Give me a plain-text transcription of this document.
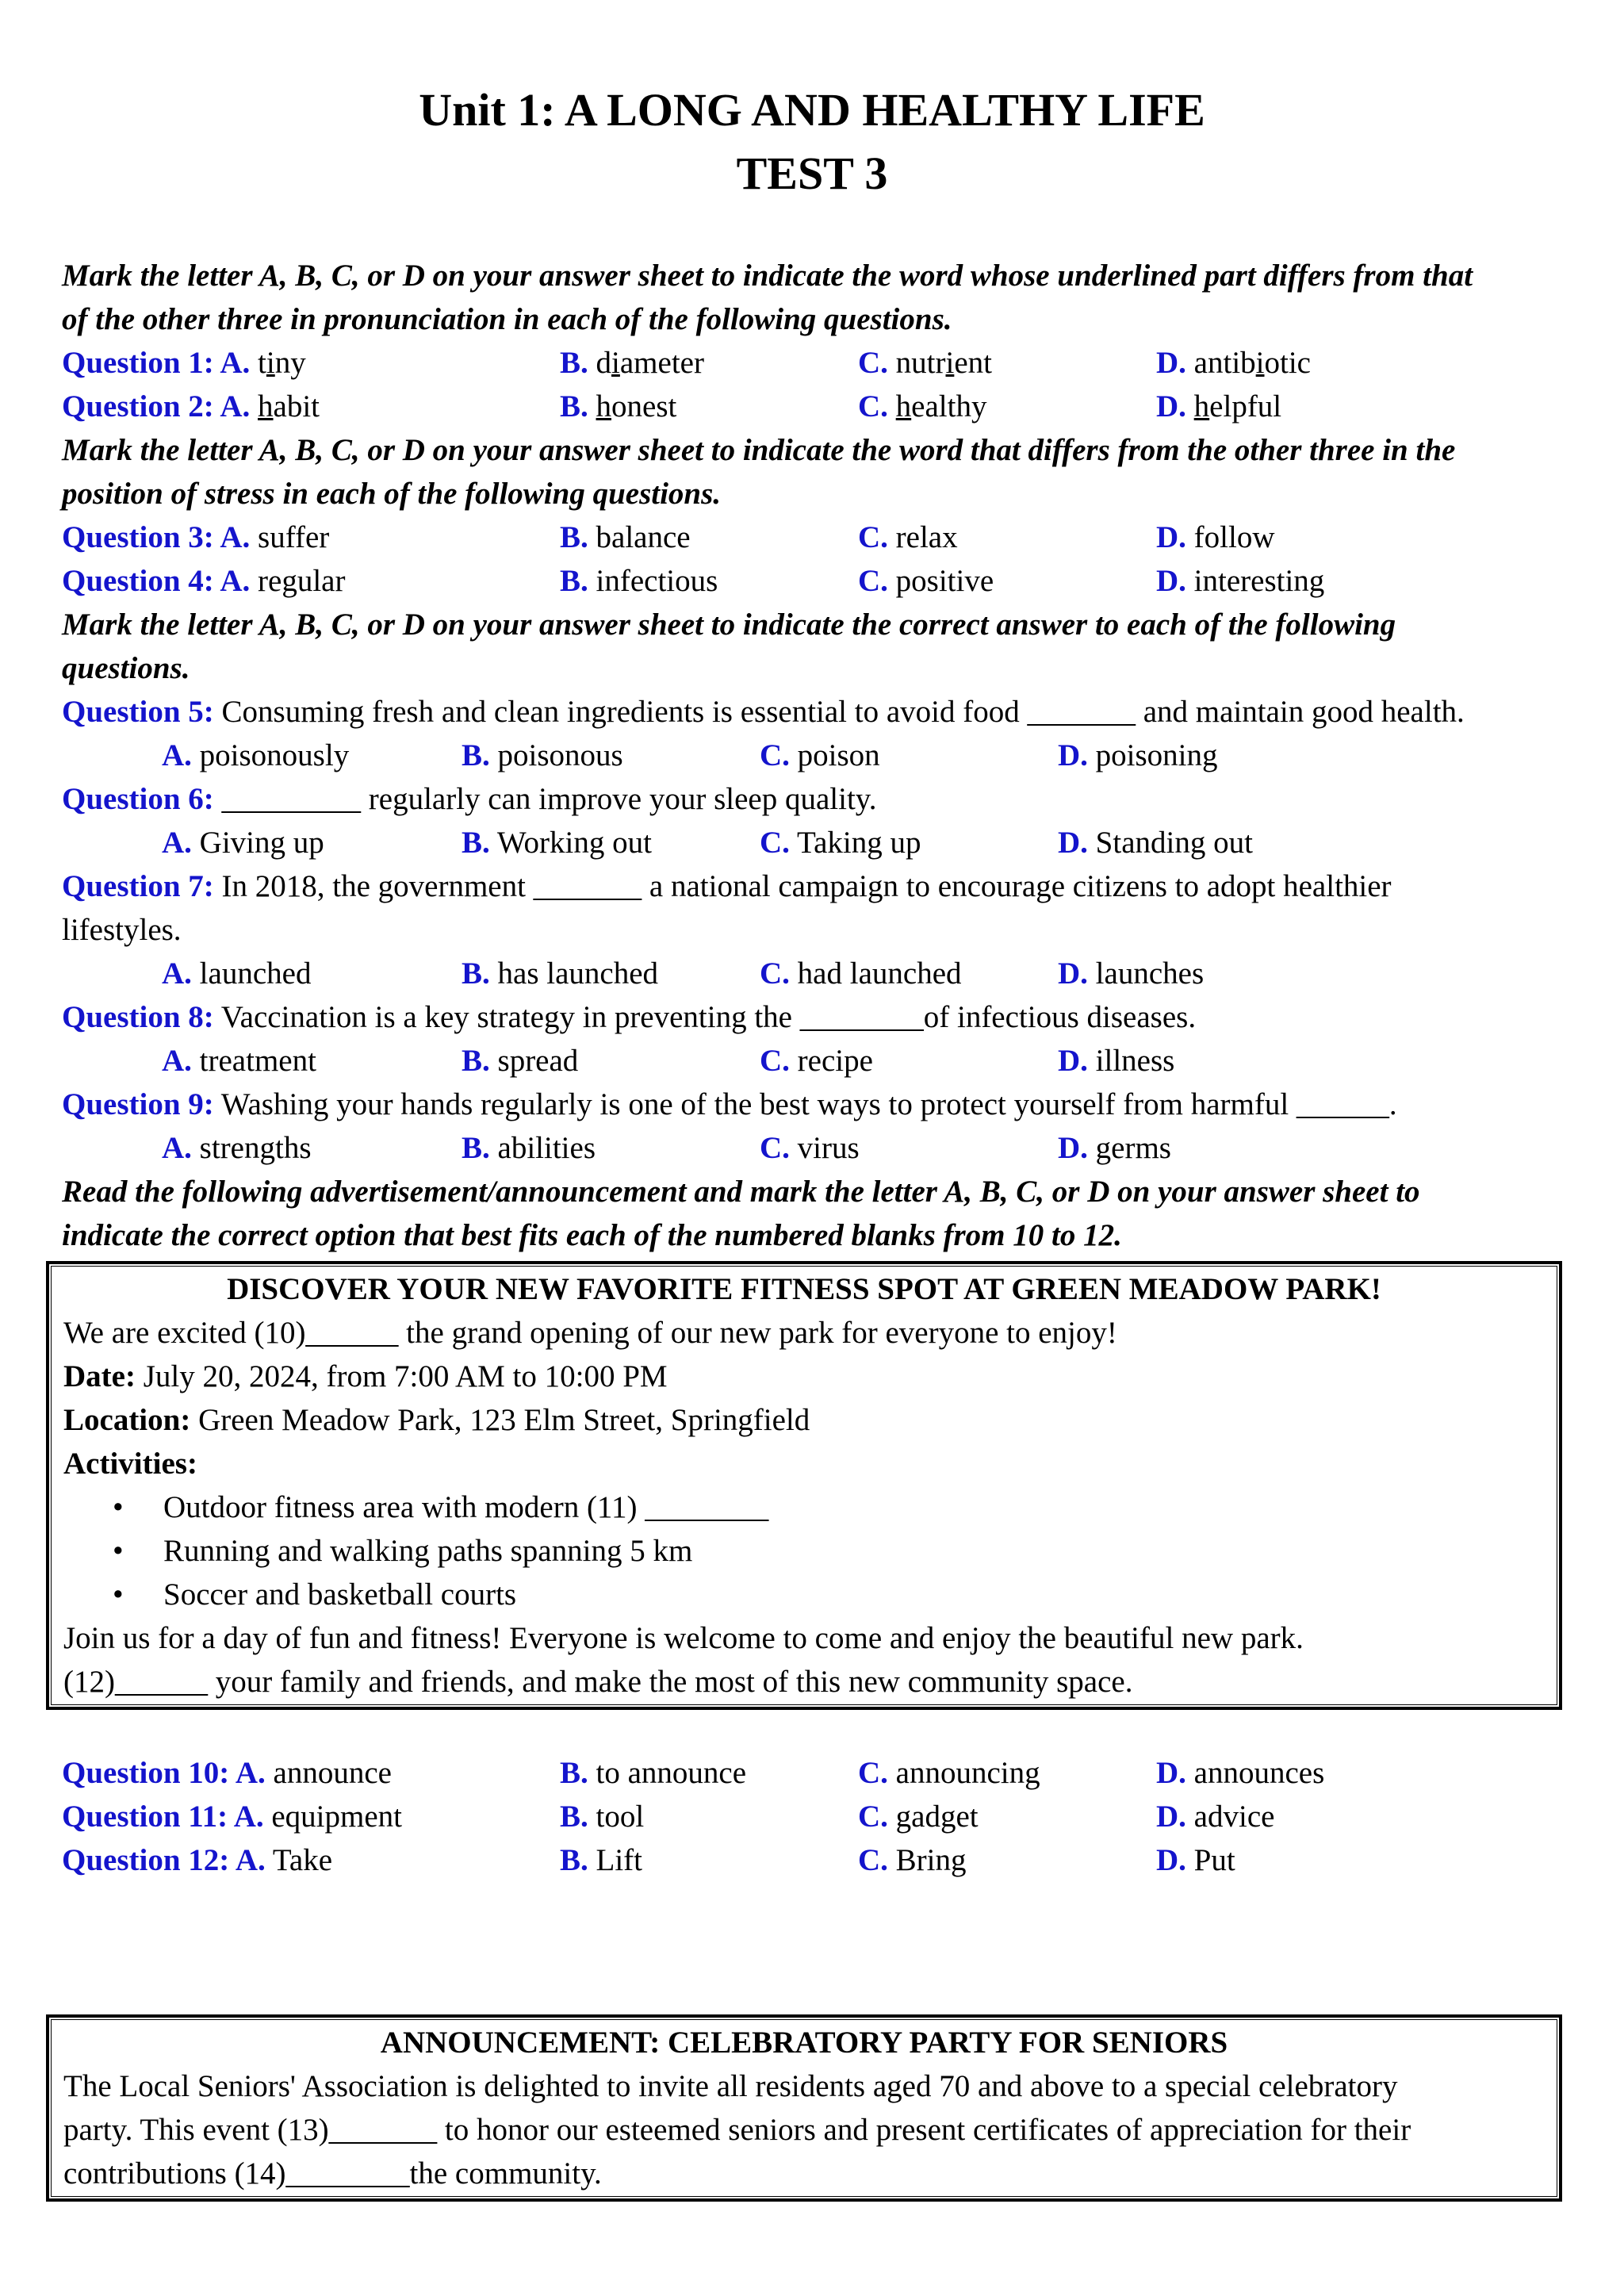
Unit 1: A LONG AND HEALTHY LIFE
TEST 3
Mark the letter A, B, C, or D on your answer sheet to indicate the word whose underlined part differs from that
of the other three in pronunciation in each of the following questions.
Question 1: A. tiny	B. diameter	C. nutrient	D. antibiotic
Question 2: A. habit	B. honest	C. healthy	D. helpful
Mark the letter A, B, C, or D on your answer sheet to indicate the word that differs from the other three in the
position of stress in each of the following questions.
Question 3: A. suffer	B. balance	C. relax	D. follow
Question 4: A. regular	B. infectious	C. positive	D. interesting
Mark the letter A, B, C, or D on your answer sheet to indicate the correct answer to each of the following
questions.
Question 5: Consuming fresh and clean ingredients is essential to avoid food _______ and maintain good health.
A. poisonously	B. poisonous	C. poison	D. poisoning
Question 6: _________ regularly can improve your sleep quality.
A. Giving up	B. Working out	C. Taking up	D. Standing out
Question 7: In 2018, the government _______ a national campaign to encourage citizens to adopt healthier
lifestyles.
A. launched	B. has launched	C. had launched	D. launches
Question 8: Vaccination is a key strategy in preventing the ________of infectious diseases.
A. treatment	B. spread	C. recipe	D. illness
Question 9: Washing your hands regularly is one of the best ways to protect yourself from harmful ______.
A. strengths	B. abilities	C. virus	D. germs
Read the following advertisement/announcement and mark the letter A, B, C, or D on your answer sheet to
indicate the correct option that best fits each of the numbered blanks from 10 to 12.
DISCOVER YOUR NEW FAVORITE FITNESS SPOT AT GREEN MEADOW PARK!
We are excited (10)______ the grand opening of our new park for everyone to enjoy!
Date: July 20, 2024, from 7:00 AM to 10:00 PM
Location: Green Meadow Park, 123 Elm Street, Springfield
Activities:
• Outdoor fitness area with modern (11) ________
• Running and walking paths spanning 5 km
• Soccer and basketball courts
Join us for a day of fun and fitness! Everyone is welcome to come and enjoy the beautiful new park.
(12)______ your family and friends, and make the most of this new community space.
Question 10: A. announce	B. to announce	C. announcing	D. announces
Question 11: A. equipment	B. tool	C. gadget	D. advice
Question 12: A. Take	B. Lift	C. Bring	D. Put
ANNOUNCEMENT: CELEBRATORY PARTY FOR SENIORS
The Local Seniors' Association is delighted to invite all residents aged 70 and above to a special celebratory
party. This event (13)_______ to honor our esteemed seniors and present certificates of appreciation for their
contributions (14)________the community.
